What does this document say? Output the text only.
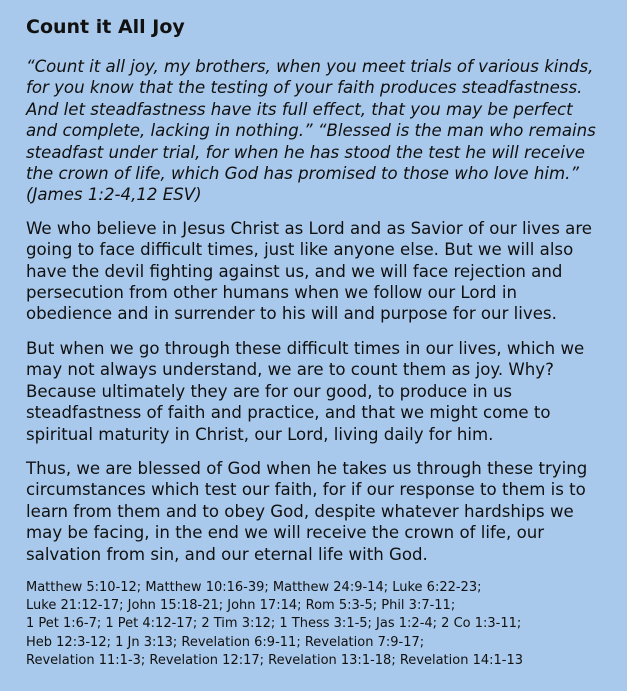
Count it All Joy
“Count it all joy, my brothers, when you meet trials of various kinds, for you know that the testing of your faith produces steadfastness. And let steadfastness have its full effect, that you may be perfect and complete, lacking in nothing.” “Blessed is the man who remains steadfast under trial, for when he has stood the test he will receive the crown of life, which God has promised to those who love him.” (James 1:2-4,12 ESV)
We who believe in Jesus Christ as Lord and as Savior of our lives are going to face difficult times, just like anyone else. But we will also have the devil fighting against us, and we will face rejection and persecution from other humans when we follow our Lord in obedience and in surrender to his will and purpose for our lives.
But when we go through these difficult times in our lives, which we may not always understand, we are to count them as joy. Why? Because ultimately they are for our good, to produce in us steadfastness of faith and practice, and that we might come to spiritual maturity in Christ, our Lord, living daily for him.
Thus, we are blessed of God when he takes us through these trying circumstances which test our faith, for if our response to them is to learn from them and to obey God, despite whatever hardships we may be facing, in the end we will receive the crown of life, our salvation from sin, and our eternal life with God.
Matthew 5:10-12; Matthew 10:16-39; Matthew 24:9-14; Luke 6:22-23;
Luke 21:12-17; John 15:18-21; John 17:14; Rom 5:3-5; Phil 3:7-11;
1 Pet 1:6-7; 1 Pet 4:12-17; 2 Tim 3:12; 1 Thess 3:1-5; Jas 1:2-4; 2 Co 1:3-11;
Heb 12:3-12; 1 Jn 3:13; Revelation 6:9-11; Revelation 7:9-17;
Revelation 11:1-3; Revelation 12:17; Revelation 13:1-18; Revelation 14:1-13
